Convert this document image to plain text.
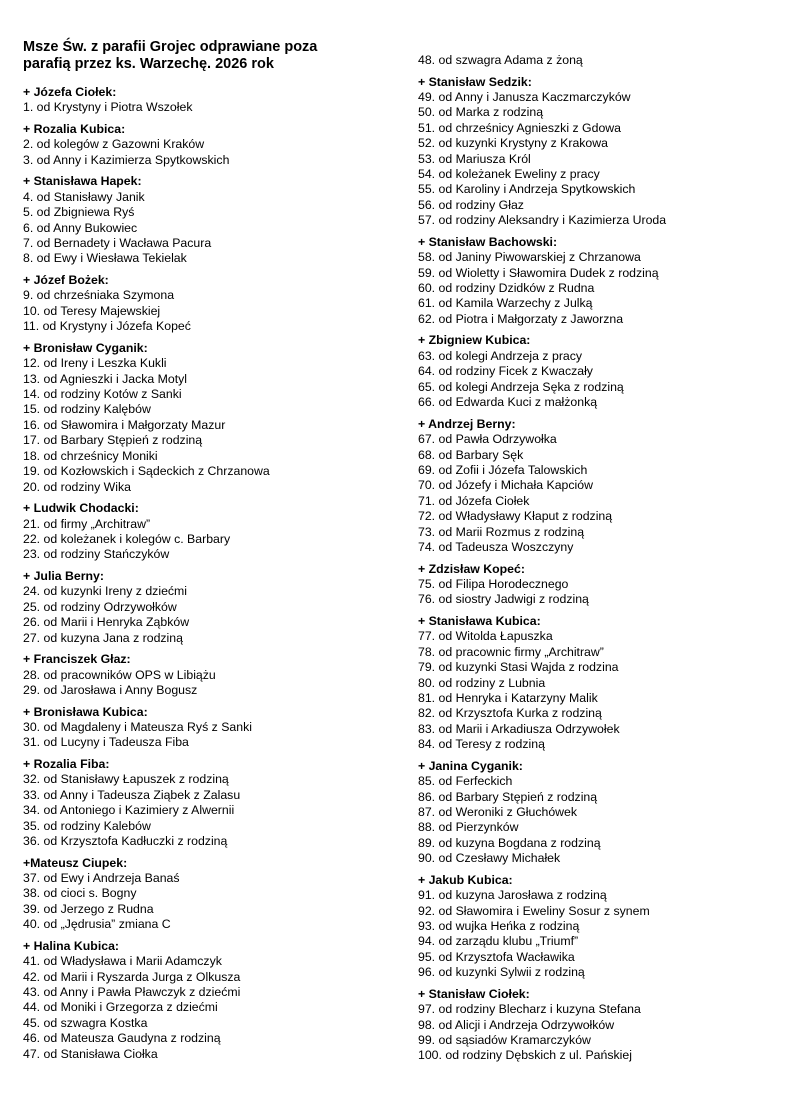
Msze Św. z parafii Grojec odprawiane poza
parafią przez ks. Warzechę. 2026 rok
+ Józefa Ciołek:
1. od Krystyny i Piotra Wszołek
+ Rozalia Kubica:
2. od kolegów z Gazowni Kraków
3. od Anny i Kazimierza Spytkowskich
+ Stanisława Hapek:
4. od Stanisławy Janik
5. od Zbigniewa Ryś
6. od Anny Bukowiec
7. od Bernadety i Wacława Pacura
8. od Ewy i Wiesława Tekielak
+ Józef Bożek:
9. od chrześniaka Szymona
10. od Teresy Majewskiej
11. od Krystyny i Józefa Kopeć
+ Bronisław Cyganik:
12. od Ireny i Leszka Kukli
13. od Agnieszki i Jacka Motyl
14. od rodziny Kotów z Sanki
15. od rodziny Kalębów
16. od Sławomira i Małgorzaty Mazur
17. od Barbary Stępień z rodziną
18. od chrześnicy Moniki
19. od Kozłowskich i Sądeckich z Chrzanowa
20. od rodziny Wika
+ Ludwik Chodacki:
21. od firmy „Architraw”
22. od koleżanek i kolegów c. Barbary
23. od rodziny Stańczyków
+ Julia Berny:
24. od kuzynki Ireny z dziećmi
25. od rodziny Odrzywołków
26. od Marii i Henryka Ząbków
27. od kuzyna Jana z rodziną
+ Franciszek Głaz:
28. od pracowników OPS w Libiążu
29. od Jarosława i Anny Bogusz
+ Bronisława Kubica:
30. od Magdaleny i Mateusza Ryś z Sanki
31. od Lucyny i Tadeusza Fiba
+ Rozalia Fiba:
32. od Stanisławy Łapuszek z rodziną
33. od Anny i Tadeusza Ziąbek z Zalasu
34. od Antoniego i Kazimiery z Alwernii
35. od rodziny Kalebów
36. od Krzysztofa Kadłuczki z rodziną
+Mateusz Ciupek:
37. od Ewy i Andrzeja Banaś
38. od cioci s. Bogny
39. od Jerzego z Rudna
40. od „Jędrusia” zmiana C
+ Halina Kubica:
41. od Władysława i Marii Adamczyk
42. od Marii i Ryszarda Jurga z Olkusza
43. od Anny i Pawła Pławczyk z dziećmi
44. od Moniki i Grzegorza z dziećmi
45. od szwagra Kostka
46. od Mateusza Gaudyna z rodziną
47. od Stanisława Ciołka
48. od szwagra Adama z żoną
+ Stanisław Sedzik:
49. od Anny i Janusza Kaczmarczyków
50. od Marka z rodziną
51. od chrześnicy Agnieszki z Gdowa
52. od kuzynki Krystyny z Krakowa
53. od Mariusza Król
54. od koleżanek Eweliny z pracy
55. od Karoliny i Andrzeja Spytkowskich
56. od rodziny Głaz
57. od rodziny Aleksandry i Kazimierza Uroda
+ Stanisław Bachowski:
58. od Janiny Piwowarskiej z Chrzanowa
59. od Wioletty i Sławomira Dudek z rodziną
60. od rodziny Dzidków z Rudna
61. od Kamila Warzechy z Julką
62. od Piotra i Małgorzaty z Jaworzna
+ Zbigniew Kubica:
63. od kolegi Andrzeja z pracy
64. od rodziny Ficek z Kwaczały
65. od kolegi Andrzeja Sęka z rodziną
66. od Edwarda Kuci z małżonką
+ Andrzej Berny:
67. od Pawła Odrzywołka
68. od Barbary Sęk
69. od Zofii i Józefa Talowskich
70. od Józefy i Michała Kapciów
71. od Józefa Ciołek
72. od Władysławy Kłaput z rodziną
73. od Marii Rozmus z rodziną
74. od Tadeusza Woszczyny
+ Zdzisław Kopeć:
75. od Filipa Horodecznego
76. od siostry Jadwigi z rodziną
+ Stanisława Kubica:
77. od Witolda Łapuszka
78. od pracownic firmy „Architraw”
79. od kuzynki Stasi Wajda z rodzina
80. od rodziny z Lubnia
81. od Henryka i Katarzyny Malik
82. od Krzysztofa Kurka z rodziną
83. od Marii i Arkadiusza Odrzywołek
84. od Teresy z rodziną
+ Janina Cyganik:
85. od Ferfeckich
86. od Barbary Stępień z rodziną
87. od Weroniki z Głuchówek
88. od Pierzynków
89. od kuzyna Bogdana z rodziną
90. od Czesławy Michałek
+ Jakub Kubica:
91. od kuzyna Jarosława z rodziną
92. od Sławomira i Eweliny Sosur z synem
93. od wujka Heńka z rodziną
94. od zarządu klubu „Triumf”
95. od Krzysztofa Wacławika
96. od kuzynki Sylwii z rodziną
+ Stanisław Ciołek:
97. od rodziny Blecharz i kuzyna Stefana
98. od Alicji i Andrzeja Odrzywołków
99. od sąsiadów Kramarczyków
100. od rodziny Dębskich z ul. Pańskiej
